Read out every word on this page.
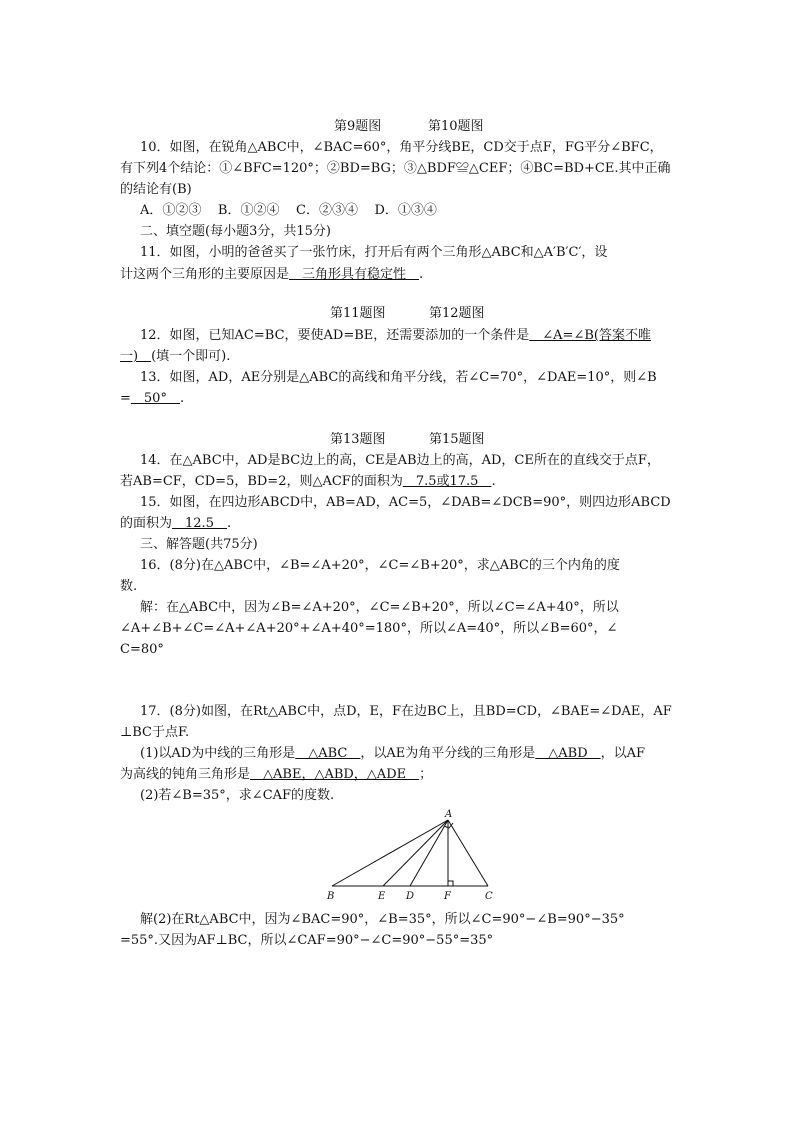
第9题图	第10题图
10．如图，在锐角△ABC中，∠BAC=60°，角平分线BE，CD交于点F，FG平分∠BFC，
有下列4个结论：①∠BFC=120°；②BD=BG；③△BDF≌△CEF；④BC=BD+CE.其中正确
的结论有(B)
A．①②③    B．①②④    C．②③④    D．①③④
二、填空题(每小题3分，共15分)
11．如图，小明的爸爸买了一张竹床，打开后有两个三角形△ABC和△A′B′C′，设
计这两个三角形的主要原因是　三角形具有稳定性　.
第11题图	第12题图
12．如图，已知AC=BC，要使AD=BE，还需要添加的一个条件是　∠A=∠B(答案不唯
一)　(填一个即可).
13．如图，AD，AE分别是△ABC的高线和角平分线，若∠C=70°，∠DAE=10°，则∠B
=　50°　.
第13题图	第15题图
14．在△ABC中，AD是BC边上的高，CE是AB边上的高，AD，CE所在的直线交于点F，
若AB=CF，CD=5，BD=2，则△ACF的面积为　7.5或17.5　.
15．如图，在四边形ABCD中，AB=AD，AC=5，∠DAB=∠DCB=90°，则四边形ABCD
的面积为　12.5　.
三、解答题(共75分)
16．(8分)在△ABC中，∠B=∠A+20°，∠C=∠B+20°，求△ABC的三个内角的度
数.
解：在△ABC中，因为∠B=∠A+20°，∠C=∠B+20°，所以∠C=∠A+40°，所以
∠A+∠B+∠C=∠A+∠A+20°+∠A+40°=180°，所以∠A=40°，所以∠B=60°，∠
C=80°
17．(8分)如图，在Rt△ABC中，点D，E，F在边BC上，且BD=CD，∠BAE=∠DAE，AF
⊥BC于点F.
(1)以AD为中线的三角形是　△ABC　，以AE为角平分线的三角形是　△ABD　，以AF
为高线的钝角三角形是　△ABE，△ABD，△ADE　；
(2)若∠B=35°，求∠CAF的度数.
A
B	E D	F	C
解(2)在Rt△ABC中，因为∠BAC=90°，∠B=35°，所以∠C=90°−∠B=90°−35°
=55°.又因为AF⊥BC，所以∠CAF=90°−∠C=90°−55°=35°
